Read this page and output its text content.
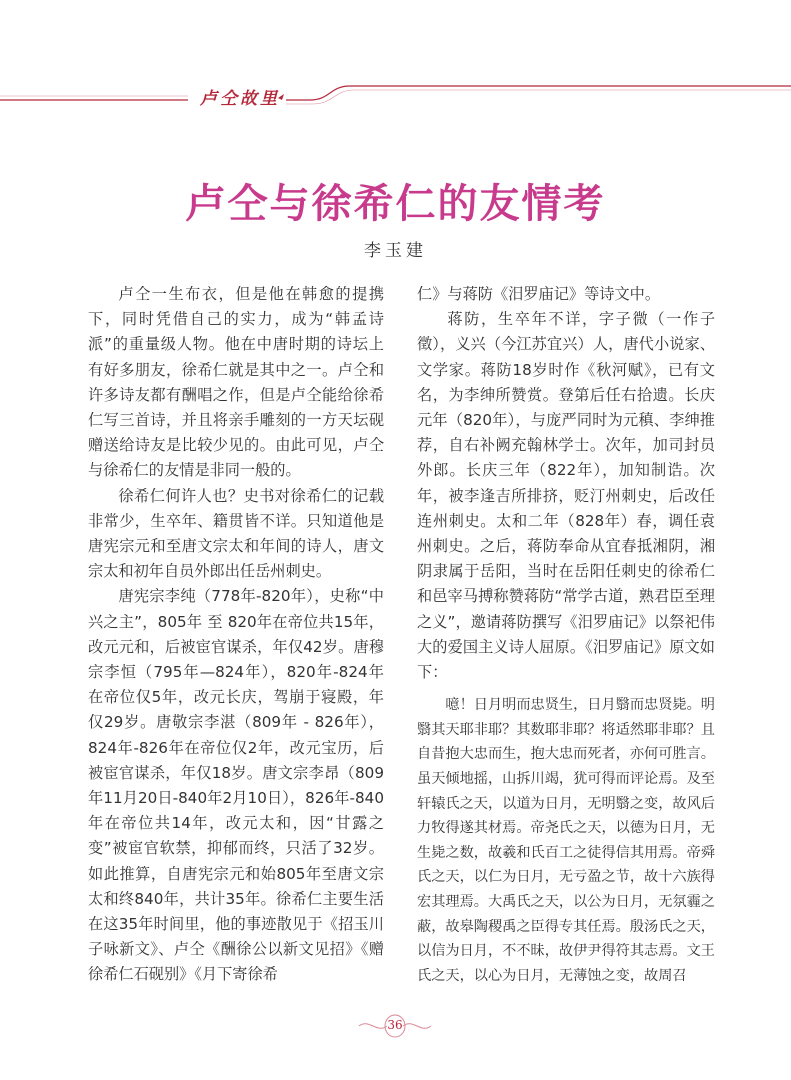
卢仝故里
卢仝与徐希仁的友情考
李玉建

卢仝一生布衣，但是他在韩愈的提携下，同时凭借自己的实力，成为“韩孟诗派”的重量级人物。他在中唐时期的诗坛上有好多朋友，徐希仁就是其中之一。卢仝和许多诗友都有酬唱之作，但是卢仝能给徐希仁写三首诗，并且将亲手雕刻的一方天坛砚赠送给诗友是比较少见的。由此可见，卢仝与徐希仁的友情是非同一般的。

徐希仁何许人也？史书对徐希仁的记载非常少，生卒年、籍贯皆不详。只知道他是唐宪宗元和至唐文宗太和年间的诗人，唐文宗太和初年自员外郎出任岳州刺史。

唐宪宗李纯（778年-820年），史称“中兴之主”，805年 至 820年在帝位共15年，改元元和，后被宦官谋杀，年仅42岁。唐穆宗李恒（795年—824年），820年-824年在帝位仅5年，改元长庆，驾崩于寝殿，年仅29岁。唐敬宗李湛（809年 - 826年），824年-826年在帝位仅2年，改元宝历，后被宦官谋杀，年仅18岁。唐文宗李昂（809年11月20日-840年2月10日），826年-840年在帝位共14年，改元太和，因“甘露之变”被宦官软禁，抑郁而终，只活了32岁。如此推算，自唐宪宗元和始805年至唐文宗太和终840年，共计35年。徐希仁主要生活在这35年时间里，他的事迹散见于《招玉川子咏新文》、卢仝《酬徐公以新文见招》《赠徐希仁石砚别》《月下寄徐希

仁》与蒋防《汨罗庙记》等诗文中。

蒋防，生卒年不详，字子微（一作子徵），义兴（今江苏宜兴）人，唐代小说家、文学家。蒋防18岁时作《秋河赋》，已有文名，为李绅所赞赏。登第后任右拾遗。长庆元年（820年），与庞严同时为元稹、李绅推荐，自右补阙充翰林学士。次年，加司封员外郎。长庆三年（822年），加知制诰。次年，被李逢吉所排挤，贬汀州刺史，后改任连州刺史。太和二年（828年）春，调任袁州刺史。之后，蒋防奉命从宜春抵湘阴，湘阴隶属于岳阳，当时在岳阳任刺史的徐希仁和邑宰马搏称赞蒋防“常学古道，熟君臣至理之义”，邀请蒋防撰写《汨罗庙记》以祭祀伟大的爱国主义诗人屈原。《汨罗庙记》原文如下：

噫！日月明而忠贤生，日月翳而忠贤毙。明翳其天耶非耶？其数耶非耶？将适然耶非耶？且自昔抱大忠而生，抱大忠而死者，亦何可胜言。虽天倾地摇，山拆川竭，犹可得而评论焉。及至轩辕氏之天，以道为日月，无明翳之变，故风后力牧得遂其材焉。帝尧氏之天，以德为日月，无生毙之数，故羲和氏百工之徒得信其用焉。帝舜氏之天，以仁为日月，无亏盈之节，故十六族得宏其理焉。大禹氏之天，以公为日月，无氛霾之蔽，故皋陶稷禹之臣得专其任焉。殷汤氏之天，以信为日月，不不昧，故伊尹得符其志焉。文王氏之天，以心为日月，无薄蚀之变，故周召

36
